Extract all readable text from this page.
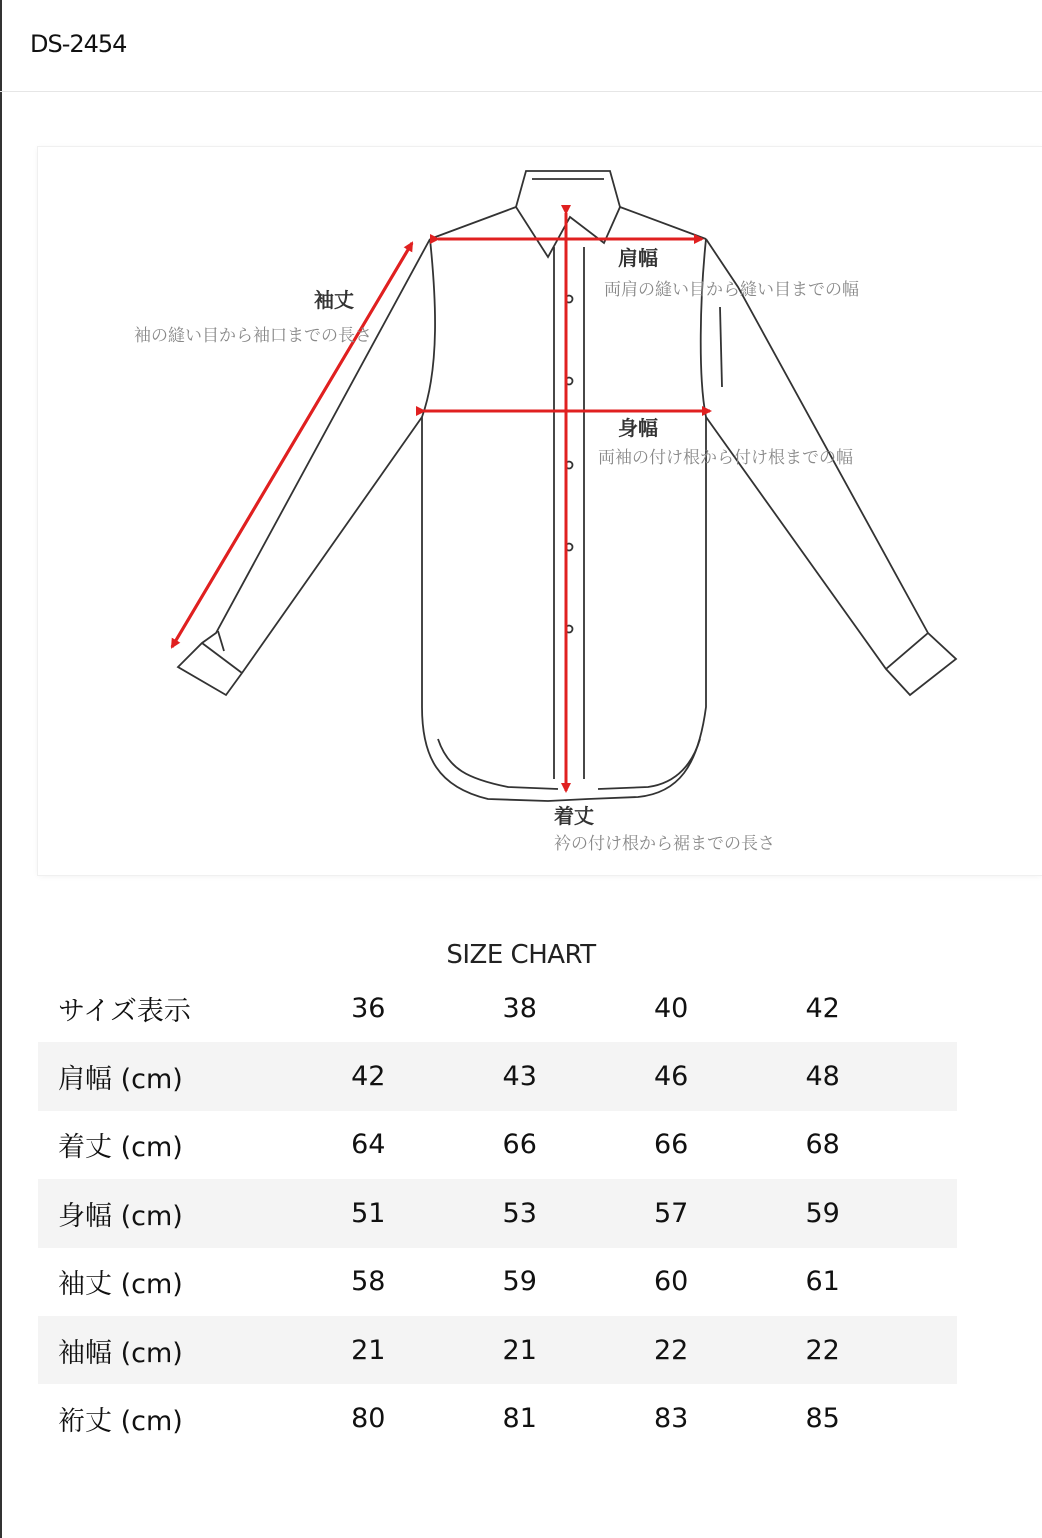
DS-2454
肩幅
両肩の縫い目から縫い目までの幅
袖丈
袖の縫い目から袖口までの長さ
身幅
両袖の付け根から付け根までの幅
着丈
衿の付け根から裾までの長さ
SIZE CHART
サイズ表示	36	38	40	42
肩幅 (cm)	42	43	46	48
着丈 (cm)	64	66	66	68
身幅 (cm)	51	53	57	59
袖丈 (cm)	58	59	60	61
袖幅 (cm)	21	21	22	22
裄丈 (cm)	80	81	83	85
